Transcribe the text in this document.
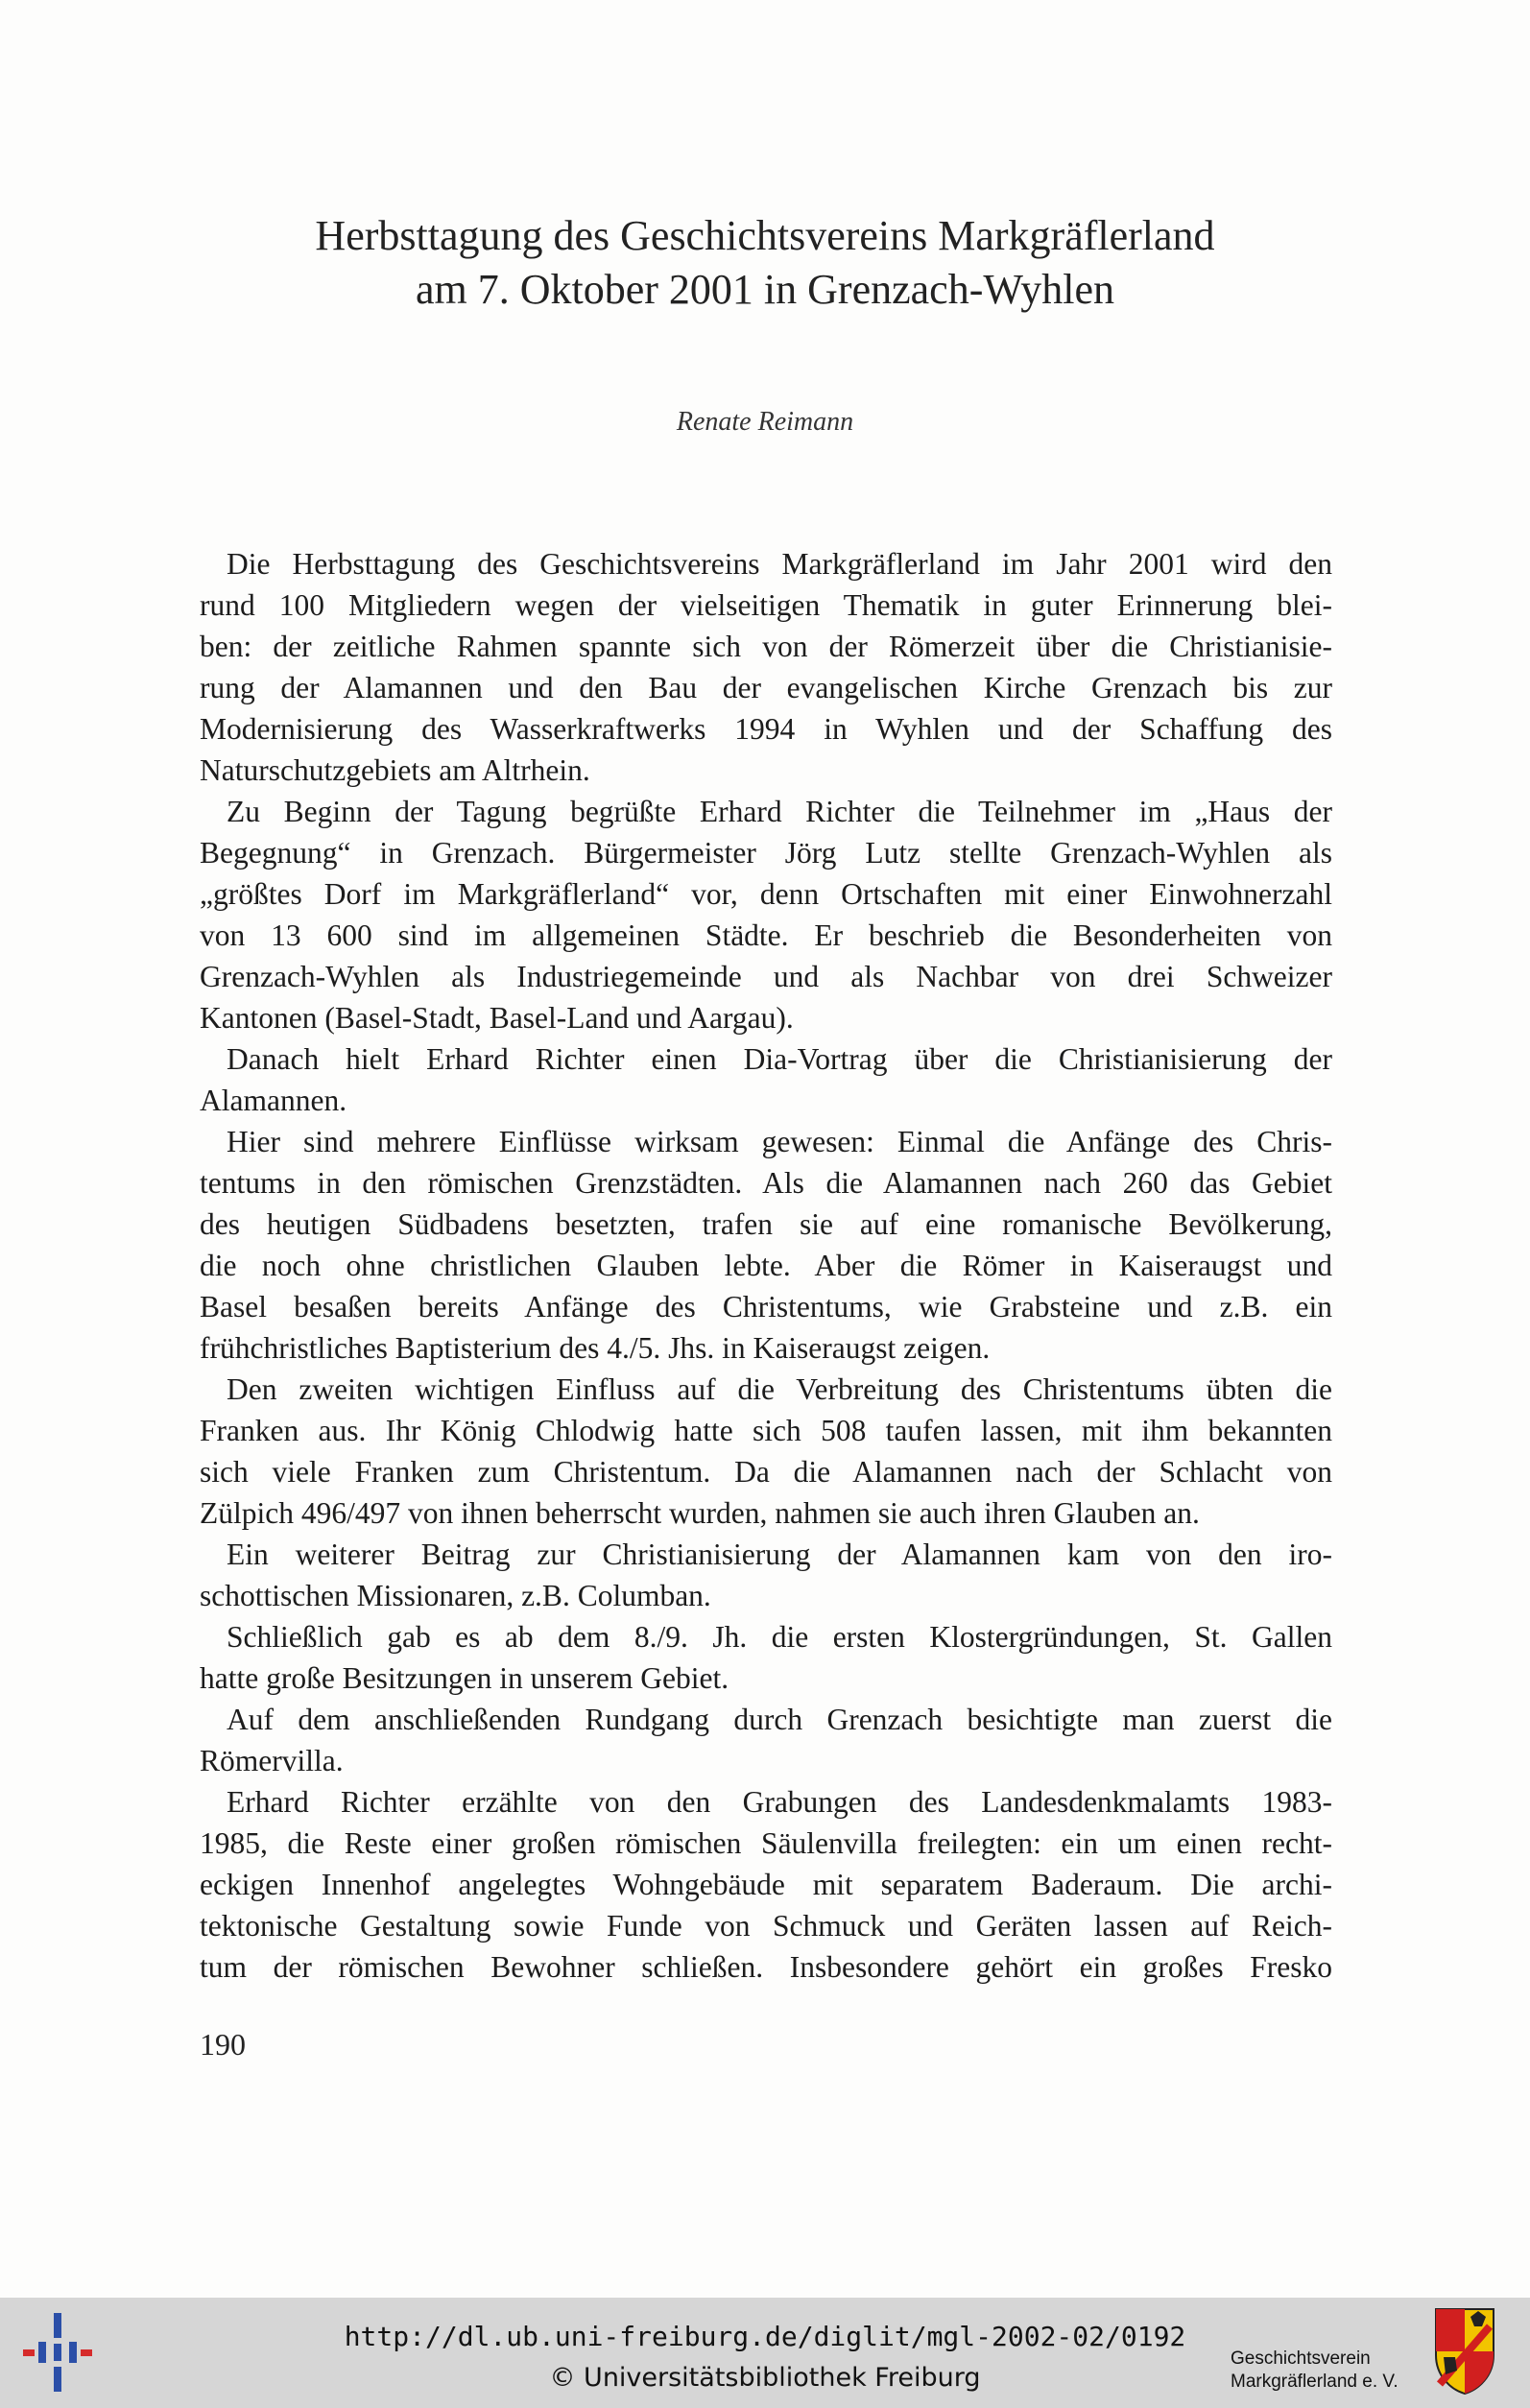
Herbsttagung des Geschichtsvereins Markgräflerland
am 7. Oktober 2001 in Grenzach-Wyhlen
Renate Reimann
Die Herbsttagung des Geschichtsvereins Markgräflerland im Jahr 2001 wird den
rund 100 Mitgliedern wegen der vielseitigen Thematik in guter Erinnerung blei-
ben: der zeitliche Rahmen spannte sich von der Römerzeit über die Christianisie-
rung der Alamannen und den Bau der evangelischen Kirche Grenzach bis zur
Modernisierung des Wasserkraftwerks 1994 in Wyhlen und der Schaffung des
Naturschutzgebiets am Altrhein.
Zu Beginn der Tagung begrüßte Erhard Richter die Teilnehmer im „Haus der
Begegnung“ in Grenzach. Bürgermeister Jörg Lutz stellte Grenzach-Wyhlen als
„größtes Dorf im Markgräflerland“ vor, denn Ortschaften mit einer Einwohnerzahl
von 13 600 sind im allgemeinen Städte. Er beschrieb die Besonderheiten von
Grenzach-Wyhlen als Industriegemeinde und als Nachbar von drei Schweizer
Kantonen (Basel-Stadt, Basel-Land und Aargau).
Danach hielt Erhard Richter einen Dia-Vortrag über die Christianisierung der
Alamannen.
Hier sind mehrere Einflüsse wirksam gewesen: Einmal die Anfänge des Chris-
tentums in den römischen Grenzstädten. Als die Alamannen nach 260 das Gebiet
des heutigen Südbadens besetzten, trafen sie auf eine romanische Bevölkerung,
die noch ohne christlichen Glauben lebte. Aber die Römer in Kaiseraugst und
Basel besaßen bereits Anfänge des Christentums, wie Grabsteine und z.B. ein
frühchristliches Baptisterium des 4./5. Jhs. in Kaiseraugst zeigen.
Den zweiten wichtigen Einfluss auf die Verbreitung des Christentums übten die
Franken aus. Ihr König Chlodwig hatte sich 508 taufen lassen, mit ihm bekannten
sich viele Franken zum Christentum. Da die Alamannen nach der Schlacht von
Zülpich 496/497 von ihnen beherrscht wurden, nahmen sie auch ihren Glauben an.
Ein weiterer Beitrag zur Christianisierung der Alamannen kam von den iro-
schottischen Missionaren, z.B. Columban.
Schließlich gab es ab dem 8./9. Jh. die ersten Klostergründungen, St. Gallen
hatte große Besitzungen in unserem Gebiet.
Auf dem anschließenden Rundgang durch Grenzach besichtigte man zuerst die
Römervilla.
Erhard Richter erzählte von den Grabungen des Landesdenkmalamts 1983-
1985, die Reste einer großen römischen Säulenvilla freilegten: ein um einen recht-
eckigen Innenhof angelegtes Wohngebäude mit separatem Baderaum. Die archi-
tektonische Gestaltung sowie Funde von Schmuck und Geräten lassen auf Reich-
tum der römischen Bewohner schließen. Insbesondere gehört ein großes Fresko
190
http://dl.ub.uni-freiburg.de/diglit/mgl-2002-02/0192
© Universitätsbibliothek Freiburg
Geschichtsverein
Markgräflerland e. V.
